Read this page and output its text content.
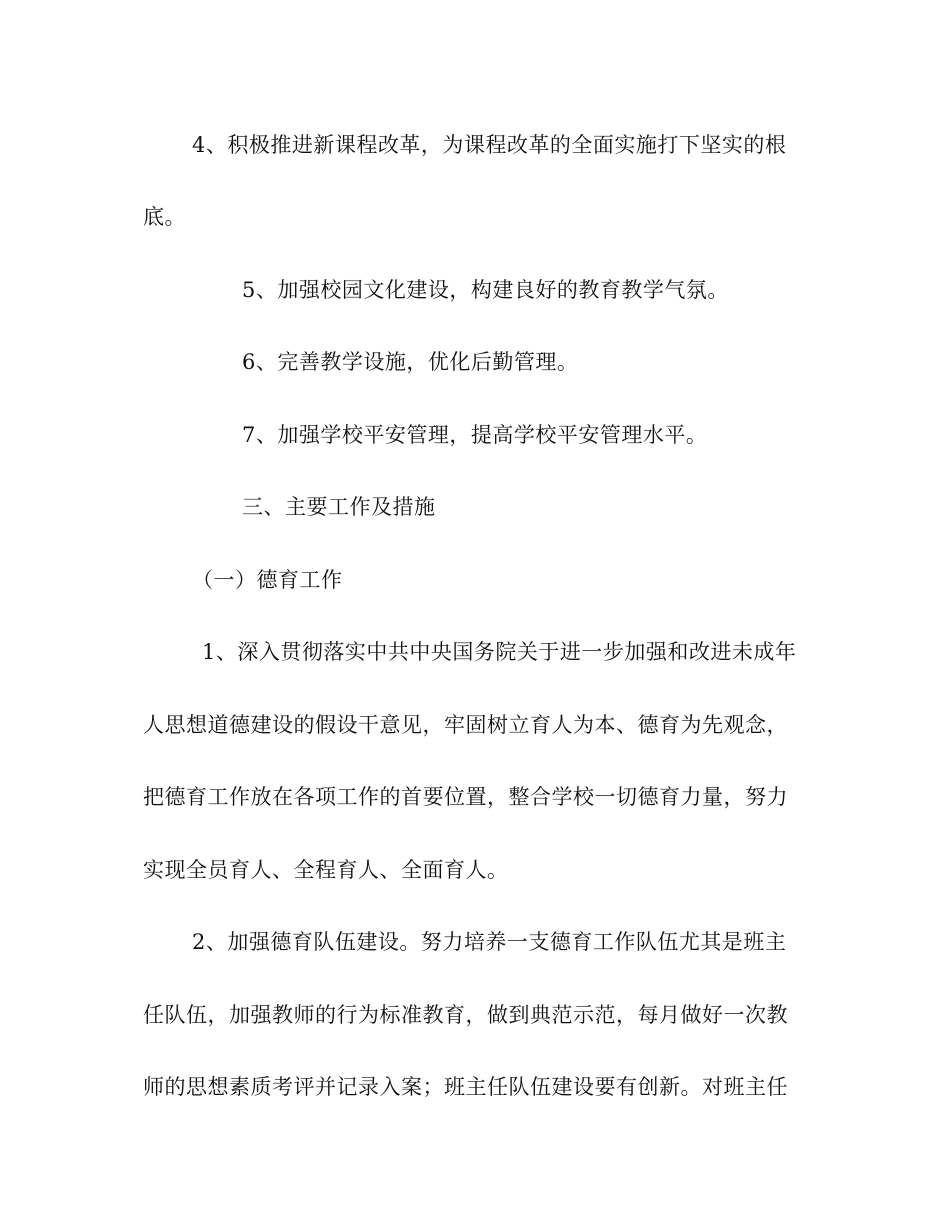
4、积极推进新课程改革，为课程改革的全面实施打下坚实的根
底。
5、加强校园文化建设，构建良好的教育教学气氛。
6、完善教学设施，优化后勤管理。
7、加强学校平安管理，提高学校平安管理水平。
三、主要工作及措施
（一）德育工作
1、深入贯彻落实中共中央国务院关于进一步加强和改进未成年
人思想道德建设的假设干意见，牢固树立育人为本、德育为先观念，
把德育工作放在各项工作的首要位置，整合学校一切德育力量，努力
实现全员育人、全程育人、全面育人。
2、加强德育队伍建设。努力培养一支德育工作队伍尤其是班主
任队伍，加强教师的行为标准教育，做到典范示范，每月做好一次教
师的思想素质考评并记录入案；班主任队伍建设要有创新。对班主任
